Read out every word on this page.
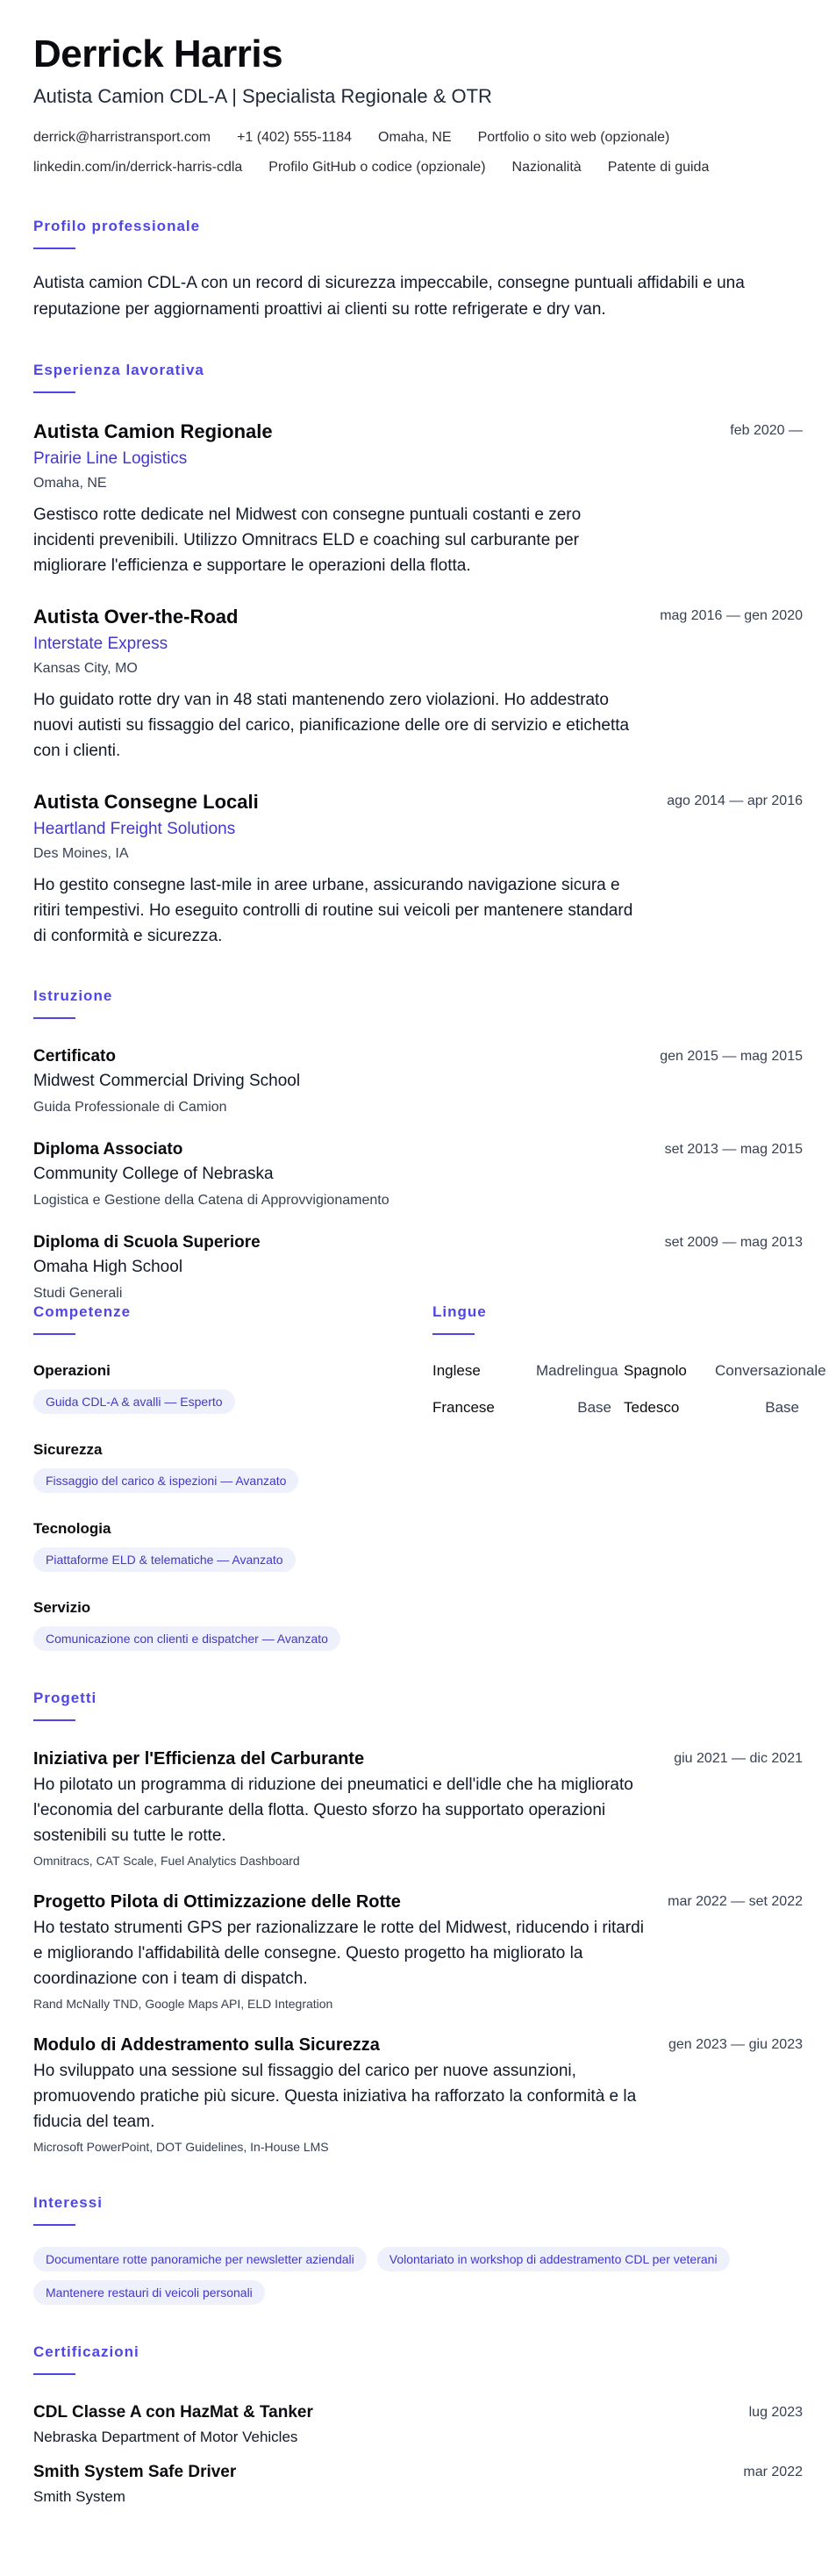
Derrick Harris
Autista Camion CDL-A | Specialista Regionale & OTR
derrick@harristransport.com +1 (402) 555-1184 Omaha, NE Portfolio o sito web (opzionale)
linkedin.com/in/derrick-harris-cdla Profilo GitHub o codice (opzionale) Nazionalità Patente di guida
Profilo professionale
Autista camion CDL-A con un record di sicurezza impeccabile, consegne puntuali affidabili e una reputazione per aggiornamenti proattivi ai clienti su rotte refrigerate e dry van.
Esperienza lavorativa
Autista Camion Regionale
Prairie Line Logistics
Omaha, NE
Gestisco rotte dedicate nel Midwest con consegne puntuali costanti e zero incidenti prevenibili. Utilizzo Omnitracs ELD e coaching sul carburante per migliorare l'efficienza e supportare le operazioni della flotta.
feb 2020 —
Autista Over-the-Road
Interstate Express
Kansas City, MO
Ho guidato rotte dry van in 48 stati mantenendo zero violazioni. Ho addestrato nuovi autisti su fissaggio del carico, pianificazione delle ore di servizio e etichetta con i clienti.
mag 2016 — gen 2020
Autista Consegne Locali
Heartland Freight Solutions
Des Moines, IA
Ho gestito consegne last-mile in aree urbane, assicurando navigazione sicura e ritiri tempestivi. Ho eseguito controlli di routine sui veicoli per mantenere standard di conformità e sicurezza.
ago 2014 — apr 2016
Istruzione
Certificato
Midwest Commercial Driving School
Guida Professionale di Camion
gen 2015 — mag 2015
Diploma Associato
Community College of Nebraska
Logistica e Gestione della Catena di Approvvigionamento
set 2013 — mag 2015
Diploma di Scuola Superiore
Omaha High School
Studi Generali
set 2009 — mag 2013
Competenze
Operazioni
Guida CDL-A & avalli — Esperto
Sicurezza
Fissaggio del carico & ispezioni — Avanzato
Tecnologia
Piattaforme ELD & telematiche — Avanzato
Servizio
Comunicazione con clienti e dispatcher — Avanzato
Lingue
Inglese	Madrelingua Spagnolo	Conversazionale
Francese	Base Tedesco	Base
Progetti
Iniziativa per l'Efficienza del Carburante
Ho pilotato un programma di riduzione dei pneumatici e dell'idle che ha migliorato l'economia del carburante della flotta. Questo sforzo ha supportato operazioni sostenibili su tutte le rotte.
Omnitracs, CAT Scale, Fuel Analytics Dashboard
giu 2021 — dic 2021
Progetto Pilota di Ottimizzazione delle Rotte
Ho testato strumenti GPS per razionalizzare le rotte del Midwest, riducendo i ritardi e migliorando l'affidabilità delle consegne. Questo progetto ha migliorato la coordinazione con i team di dispatch.
Rand McNally TND, Google Maps API, ELD Integration
mar 2022 — set 2022
Modulo di Addestramento sulla Sicurezza
Ho sviluppato una sessione sul fissaggio del carico per nuove assunzioni, promuovendo pratiche più sicure. Questa iniziativa ha rafforzato la conformità e la fiducia del team.
Microsoft PowerPoint, DOT Guidelines, In-House LMS
gen 2023 — giu 2023
Interessi
Documentare rotte panoramiche per newsletter aziendali	Volontariato in workshop di addestramento CDL per veterani
Mantenere restauri di veicoli personali
Certificazioni
CDL Classe A con HazMat & Tanker
Nebraska Department of Motor Vehicles
lug 2023
Smith System Safe Driver
Smith System
mar 2022
